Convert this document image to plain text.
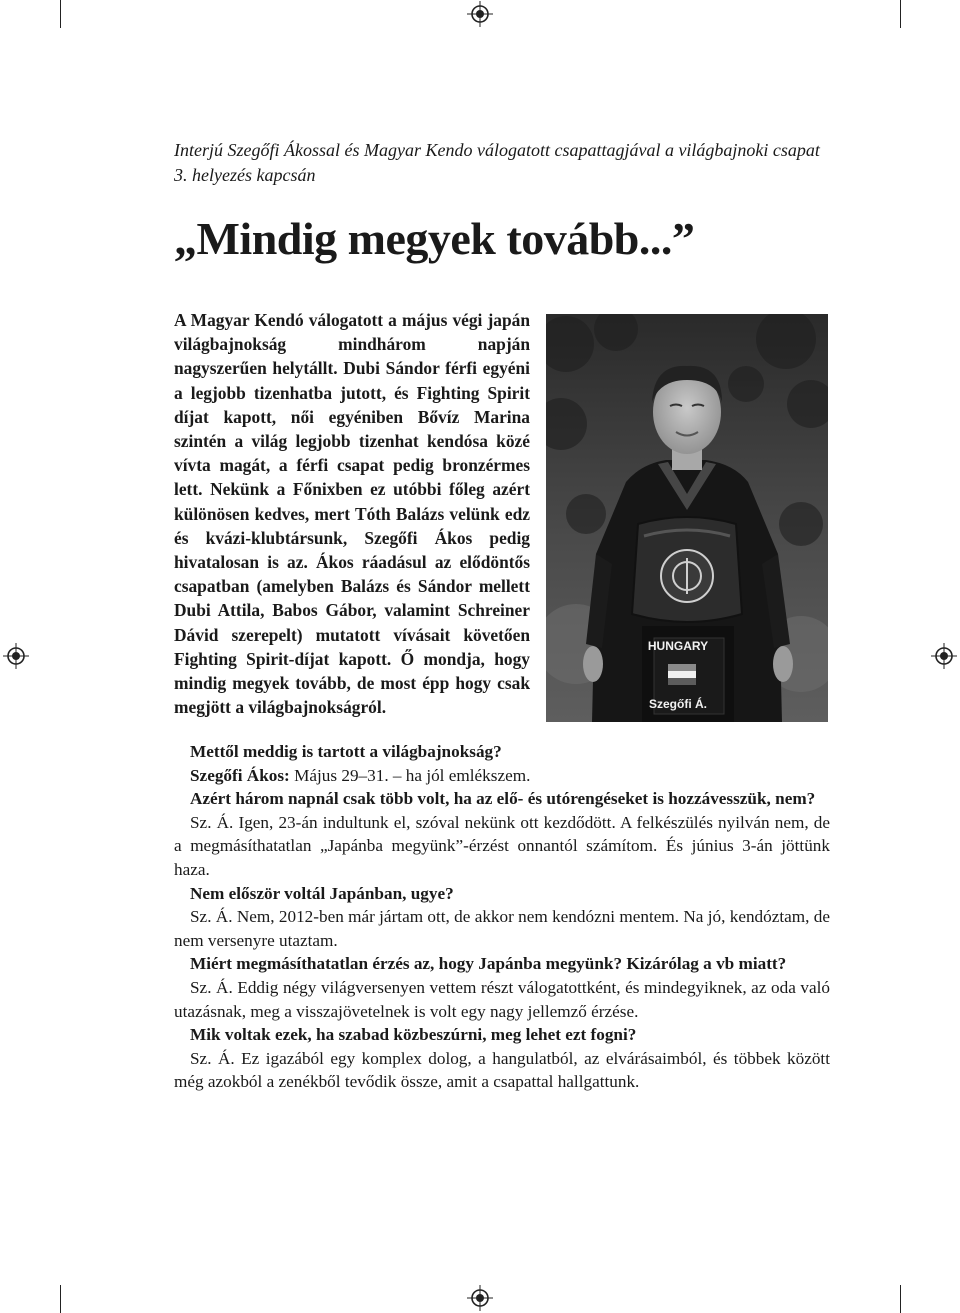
Interjú Szegőfi Ákossal és Magyar Kendo válogatott csapattagjával a világbajnoki csapat 3. helyezés kapcsán

„Mindig megyek tovább...”

A Magyar Kendó válogatott a május végi japán világbajnokság mindhárom napján nagyszerűen helytállt. Dubi Sándor férfi egyéni a legjobb tizenhatba jutott, és Fighting Spirit díjat kapott, női egyéniben Bővíz Marina szintén a világ legjobb tizenhat kendósa közé vívta magát, a férfi csapat pedig bronzérmes lett. Nekünk a Főnixben ez utóbbi főleg azért különösen kedves, mert Tóth Balázs velünk edz és kvázi-klubtársunk, Szegőfi Ákos pedig hivatalosan is az. Ákos ráadásul az elődöntős csapatban (amelyben Balázs és Sándor mellett Dubi Attila, Babos Gábor, valamint Schreiner Dávid szerepelt) mutatott vívásait követően Fighting Spirit-díjat kapott. Ő mondja, hogy mindig megyek tovább, de most épp hogy csak megjött a világbajnokságról.

HUNGARY
Szegőfi Á.

Mettől meddig is tartott a világbajnokság?

Szegőfi Ákos: Május 29–31. – ha jól emlékszem.

Azért három napnál csak több volt, ha az elő- és utórengéseket is hozzávesszük, nem?

Sz. Á. Igen, 23-án indultunk el, szóval nekünk ott kezdődött. A felkészülés nyilván nem, de a megmásíthatatlan „Japánba megyünk”-érzést onnantól számítom. És június 3-án jöttünk haza.

Nem először voltál Japánban, ugye?

Sz. Á. Nem, 2012-ben már jártam ott, de akkor nem kendózni mentem. Na jó, kendóztam, de nem versenyre utaztam.

Miért megmásíthatatlan érzés az, hogy Japánba megyünk? Kizárólag a vb miatt?

Sz. Á. Eddig négy világversenyen vettem részt válogatottként, és mindegyiknek, az oda való utazásnak, meg a visszajövetelnek is volt egy nagy jellemző érzése.

Mik voltak ezek, ha szabad közbeszúrni, meg lehet ezt fogni?

Sz. Á. Ez igazából egy komplex dolog, a hangulatból, az elvárásaimból, és többek között még azokból a zenékből tevődik össze, amit a csapattal hallgattunk.
